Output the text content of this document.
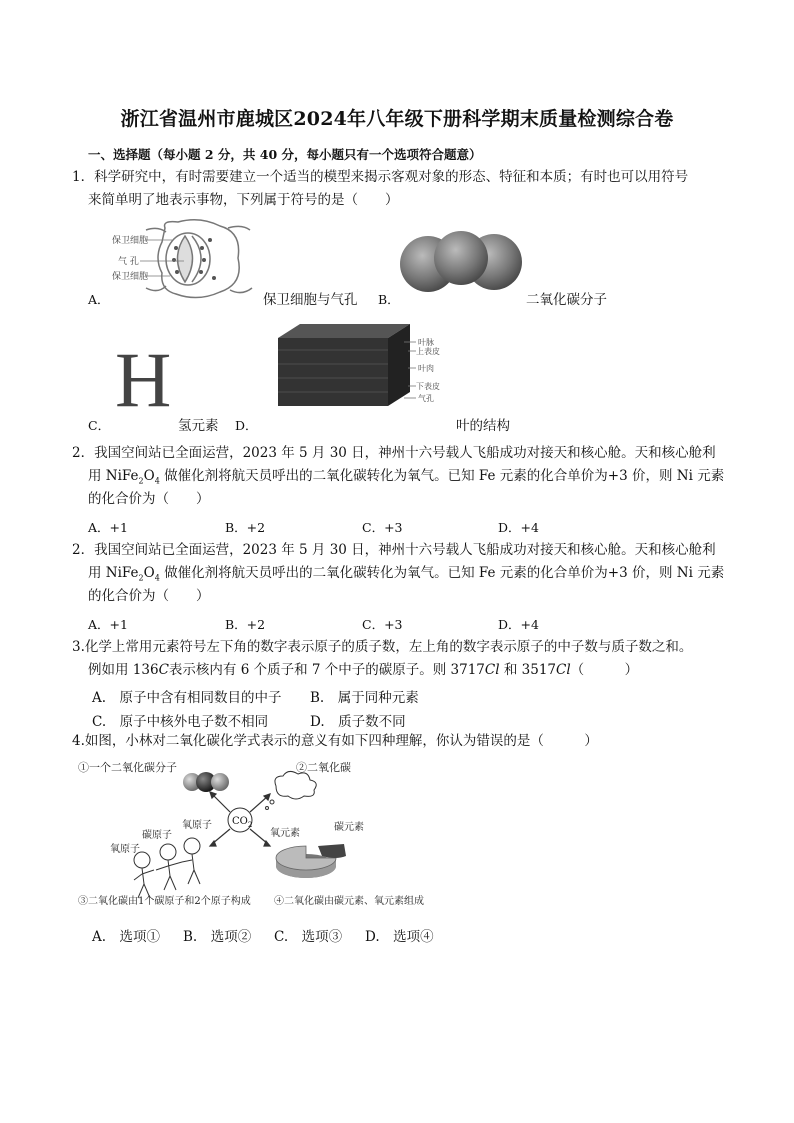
浙江省温州市鹿城区2024年八年级下册科学期末质量检测综合卷
一、选择题（每小题 2 分，共 40 分，每小题只有一个选项符合题意）
1．科学研究中，有时需要建立一个适当的模型来揭示客观对象的形态、特征和本质；有时也可以用符号
来简单明了地表示事物，下列属于符号的是（　　）
保卫细胞
气 孔
保卫细胞
A．	保卫细胞与气孔 B．	二氧化碳分子
H
C．	氢元素
叶脉
上表皮
叶肉
下表皮
气孔
D．	叶的结构
2．我国空间站已全面运营，2023 年 5 月 30 日，神州十六号载人飞船成功对接天和核心舱。天和核心舱利
用 $NiFe_2O_4$ 做催化剂将航天员呼出的二氧化碳转化为氧气。已知 Fe 元素的化合单价为+3 价，则 Ni 元素
的化合价为（　　）
A．+1	B．+2	C．+3	D．+4
2．我国空间站已全面运营，2023 年 5 月 30 日，神州十六号载人飞船成功对接天和核心舱。天和核心舱利
用 $NiFe_2O_4$ 做催化剂将航天员呼出的二氧化碳转化为氧气。已知 Fe 元素的化合单价为+3 价，则 Ni 元素
的化合价为（　　）
A．+1	B．+2	C．+3	D．+4
3.化学上常用元素符号左下角的数字表示原子的质子数，左上角的数字表示原子的中子数与质子数之和。
例如用 136C表示核内有 6 个质子和 7 个中子的碳原子。则 3717Cl 和 3517Cl（　　　）
A.　原子中含有相同数目的中子 B.　属于同种元素
C.　原子中核外电子数不相同	D.　质子数不同
4.如图，小林对二氧化碳化学式表示的意义有如下四种理解，你认为错误的是（　　　）
①一个二氧化碳分子	②二氧化碳
$CO_2$
氧原子
碳原子
氧原子
氧元素
碳元素
③二氧化碳由1个碳原子和2个原子构成 ④二氧化碳由碳元素、氧元素组成
A.　选项① B.　选项② C.　选项③ D.　选项④
